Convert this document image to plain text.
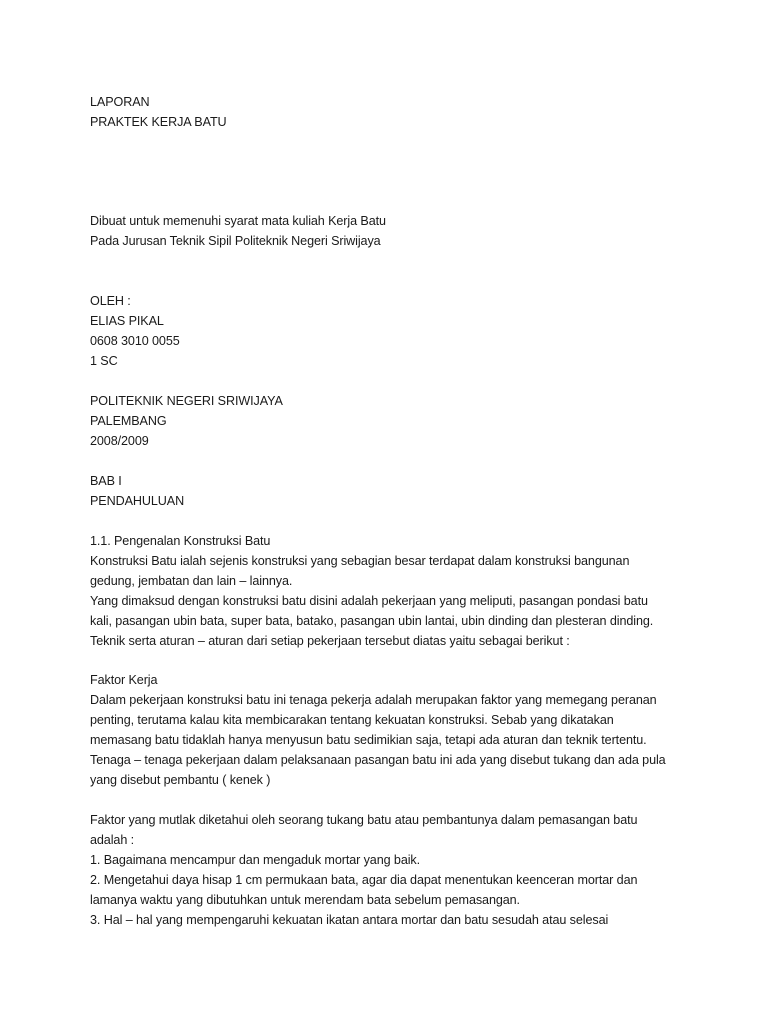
LAPORAN
PRAKTEK KERJA BATU
Dibuat untuk memenuhi syarat mata kuliah Kerja Batu
Pada Jurusan Teknik Sipil Politeknik Negeri Sriwijaya
OLEH :
ELIAS PIKAL
0608 3010 0055
1 SC
POLITEKNIK NEGERI SRIWIJAYA
PALEMBANG
2008/2009
BAB I
PENDAHULUAN
1.1. Pengenalan Konstruksi Batu
Konstruksi Batu ialah sejenis konstruksi yang sebagian besar terdapat dalam konstruksi bangunan
gedung, jembatan dan lain – lainnya.
Yang dimaksud dengan konstruksi batu disini adalah pekerjaan yang meliputi, pasangan pondasi batu
kali, pasangan ubin bata, super bata, batako, pasangan ubin lantai, ubin dinding dan plesteran dinding.
Teknik serta aturan – aturan dari setiap pekerjaan tersebut diatas yaitu sebagai berikut :
Faktor Kerja
Dalam pekerjaan konstruksi batu ini tenaga pekerja adalah merupakan faktor yang memegang peranan
penting, terutama kalau kita membicarakan tentang kekuatan konstruksi. Sebab yang dikatakan
memasang batu tidaklah hanya menyusun batu sedimikian saja, tetapi ada aturan dan teknik tertentu.
Tenaga – tenaga pekerjaan dalam pelaksanaan pasangan batu ini ada yang disebut tukang dan ada pula
yang disebut pembantu ( kenek )
Faktor yang mutlak diketahui oleh seorang tukang batu atau pembantunya dalam pemasangan batu
adalah :
1. Bagaimana mencampur dan mengaduk mortar yang baik.
2. Mengetahui daya hisap 1 cm permukaan bata, agar dia dapat menentukan keenceran mortar dan
lamanya waktu yang dibutuhkan untuk merendam bata sebelum pemasangan.
3. Hal – hal yang mempengaruhi kekuatan ikatan antara mortar dan batu sesudah atau selesai
